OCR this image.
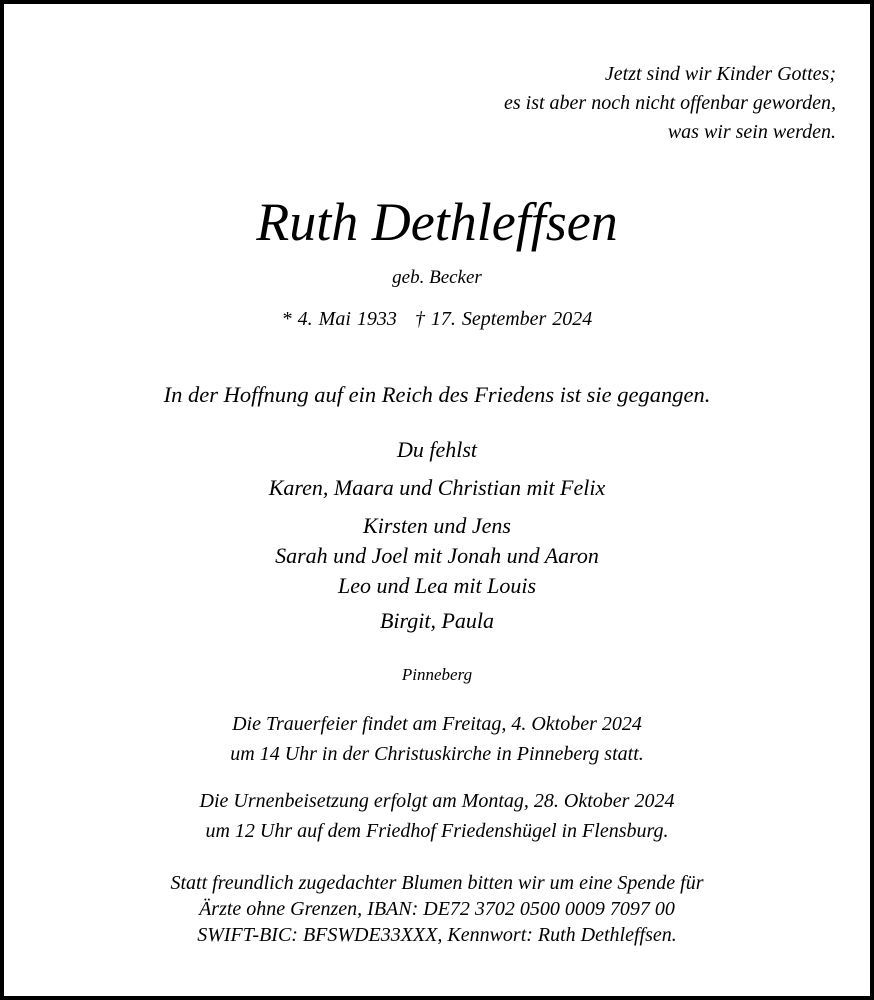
Jetzt sind wir Kinder Gottes;
es ist aber noch nicht offenbar geworden,
was wir sein werden.
Ruth Dethleffsen
geb. Becker
* 4. Mai 1933 † 17. September 2024
In der Hoffnung auf ein Reich des Friedens ist sie gegangen.
Du fehlst
Karen, Maara und Christian mit Felix
Kirsten und Jens
Sarah und Joel mit Jonah und Aaron
Leo und Lea mit Louis
Birgit, Paula
Pinneberg
Die Trauerfeier findet am Freitag, 4. Oktober 2024
um 14 Uhr in der Christuskirche in Pinneberg statt.
Die Urnenbeisetzung erfolgt am Montag, 28. Oktober 2024
um 12 Uhr auf dem Friedhof Friedenshügel in Flensburg.
Statt freundlich zugedachter Blumen bitten wir um eine Spende für
Ärzte ohne Grenzen, IBAN: DE72 3702 0500 0009 7097 00
SWIFT-BIC: BFSWDE33XXX, Kennwort: Ruth Dethleffsen.
